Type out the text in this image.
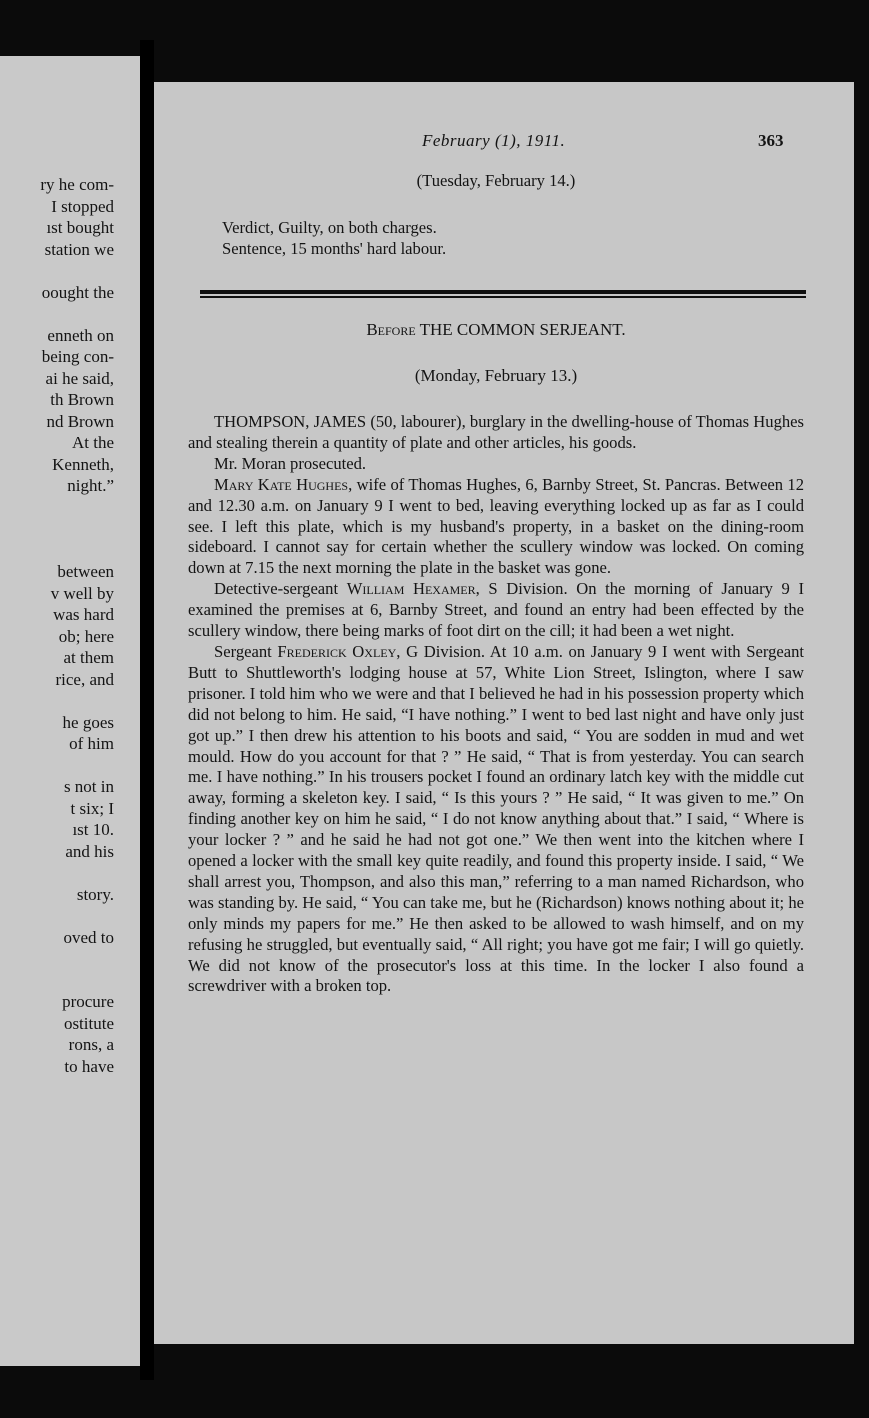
ry he com-
I stopped
ıst bought
station we
oought the
enneth on
being con-
ai he said,
th Brown
nd Brown
At the
Kenneth,
night.”
between
v well by
was hard
ob; here
at them
rice, and
he goes
of him
s not in
t six; I
ıst 10.
and his
story.
oved to
procure
ostitute
rons, a
to have
February (1), 1911.	363

(Tuesday, February 14.)

Verdict, Guilty, on both charges.

Sentence, 15 months' hard labour.

Before THE COMMON SERJEANT.
(Monday, February 13.)

THOMPSON, JAMES (50, labourer), burglary in the dwelling-house of Thomas Hughes and stealing therein a quantity of plate and other articles, his goods.

Mr. Moran prosecuted.

Mary Kate Hughes, wife of Thomas Hughes, 6, Barnby Street, St. Pancras. Between 12 and 12.30 a.m. on January 9 I went to bed, leaving everything locked up as far as I could see. I left this plate, which is my husband's property, in a basket on the dining-room sideboard. I cannot say for certain whether the scullery window was locked. On coming down at 7.15 the next morning the plate in the basket was gone.

Detective-sergeant William Hexamer, S Division. On the morning of January 9 I examined the premises at 6, Barnby Street, and found an entry had been effected by the scullery window, there being marks of foot dirt on the cill; it had been a wet night.

Sergeant Frederick Oxley, G Division. At 10 a.m. on January 9 I went with Sergeant Butt to Shuttleworth's lodging house at 57, White Lion Street, Islington, where I saw prisoner. I told him who we were and that I believed he had in his possession property which did not belong to him. He said, “I have nothing.” I went to bed last night and have only just got up.” I then drew his attention to his boots and said, “ You are sodden in mud and wet mould. How do you account for that ? ” He said, “ That is from yesterday. You can search me. I have nothing.” In his trousers pocket I found an ordinary latch key with the middle cut away, forming a skeleton key. I said, “ Is this yours ? ” He said, “ It was given to me.” On finding another key on him he said, “ I do not know anything about that.” I said, “ Where is your locker ? ” and he said he had not got one.” We then went into the kitchen where I opened a locker with the small key quite readily, and found this property inside. I said, “ We shall arrest you, Thompson, and also this man,” referring to a man named Richardson, who was standing by. He said, “ You can take me, but he (Richardson) knows nothing about it; he only minds my papers for me.” He then asked to be allowed to wash himself, and on my refusing he struggled, but eventually said, “ All right; you have got me fair; I will go quietly. We did not know of the prosecutor's loss at this time. In the locker I also found a screwdriver with a broken top.
